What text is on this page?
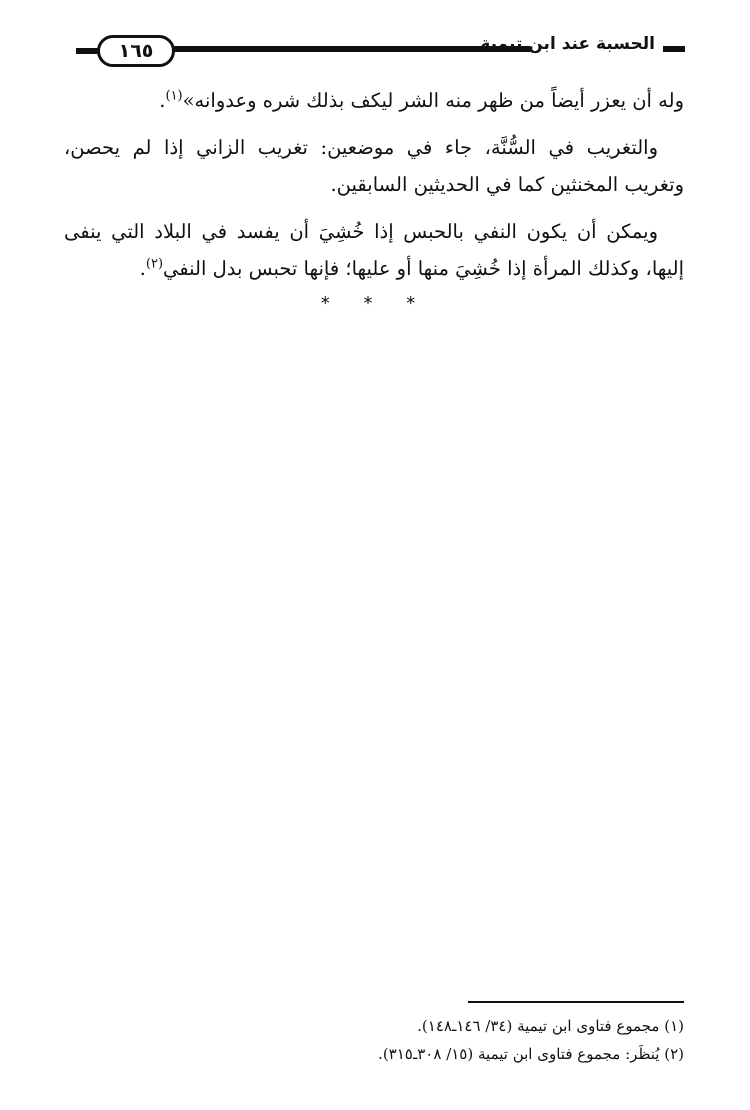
الحسبة عند ابن تيمية
١٦٥

وله أن يعزر أيضاً من ظهر منه الشر ليكف بذلك شره وعدوانه»$^{(١)}$.

والتغريب في السُّنَّة، جاء في موضعين: تغريب الزاني إذا لم يحصن، وتغريب المخنثين كما في الحديثين السابقين.

ويمكن أن يكون النفي بالحبس إذا خُشِيَ أن يفسد في البلاد التي ينفى إليها، وكذلك المرأة إذا خُشِيَ منها أو عليها؛ فإنها تحبس بدل النفي$^{(٢)}$.

* * *

(١) مجموع فتاوى ابن تيمية (٣٤/ ١٤٦ـ١٤٨).

(٢) يُنظَر: مجموع فتاوى ابن تيمية (١٥/ ٣٠٨ـ٣١٥).
